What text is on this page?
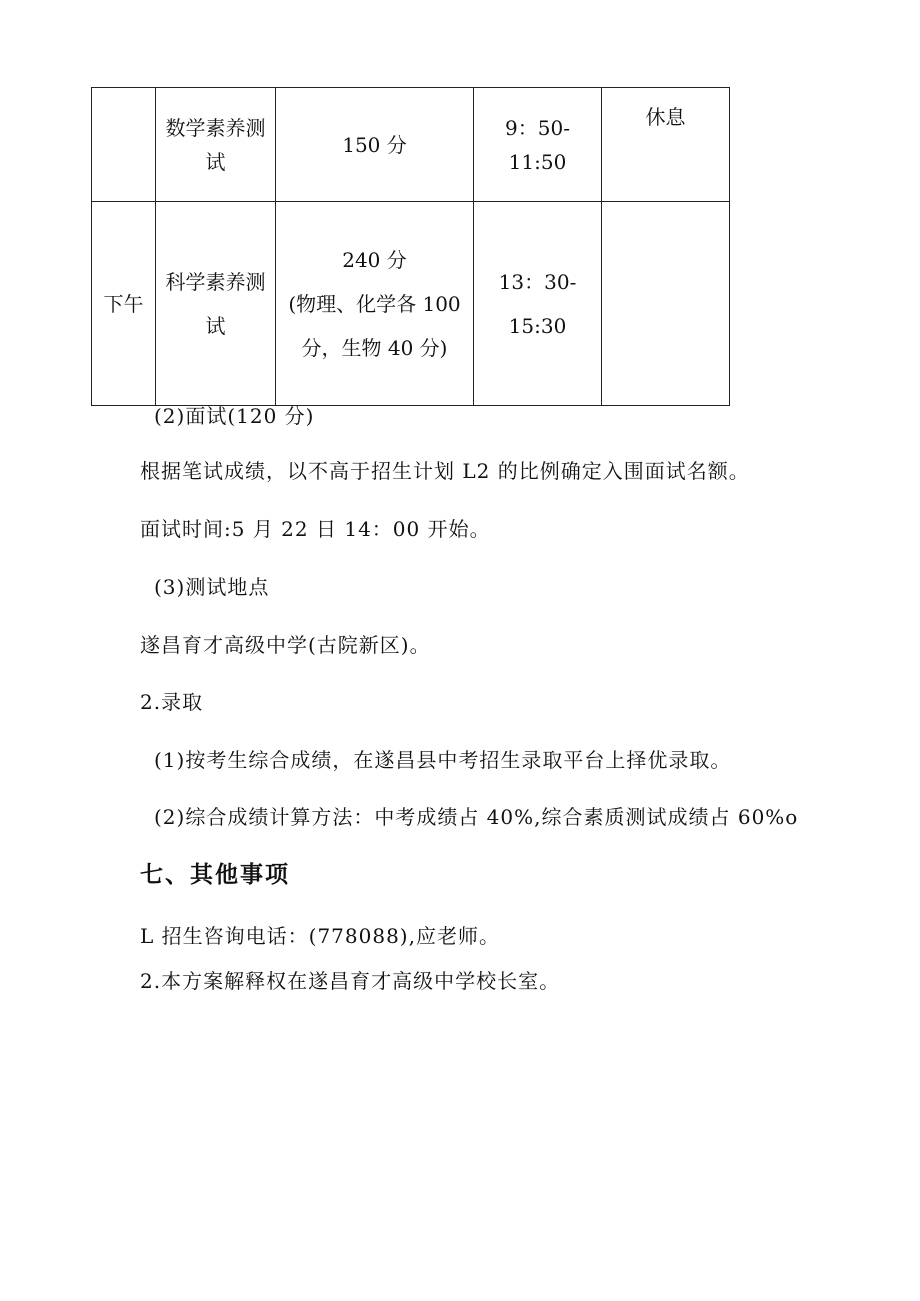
	数学素养测
试	150 分	9：50-
11:50	休息

下午	科学素养测
试	240 分
(物理、化学各 100
分，生物 40 分)	13：30-
15:30	

(2)面试(120 分)
根据笔试成绩，以不高于招生计划 L2 的比例确定入围面试名额。
面试时间:5 月 22 日 14：00 开始。
(3)测试地点
遂昌育才高级中学(古院新区)。
2.录取
(1)按考生综合成绩，在遂昌县中考招生录取平台上择优录取。
(2)综合成绩计算方法：中考成绩占 40%,综合素质测试成绩占 60%o
七、其他事项
L 招生咨询电话：(778088),应老师。
2.本方案解释权在遂昌育才高级中学校长室。
